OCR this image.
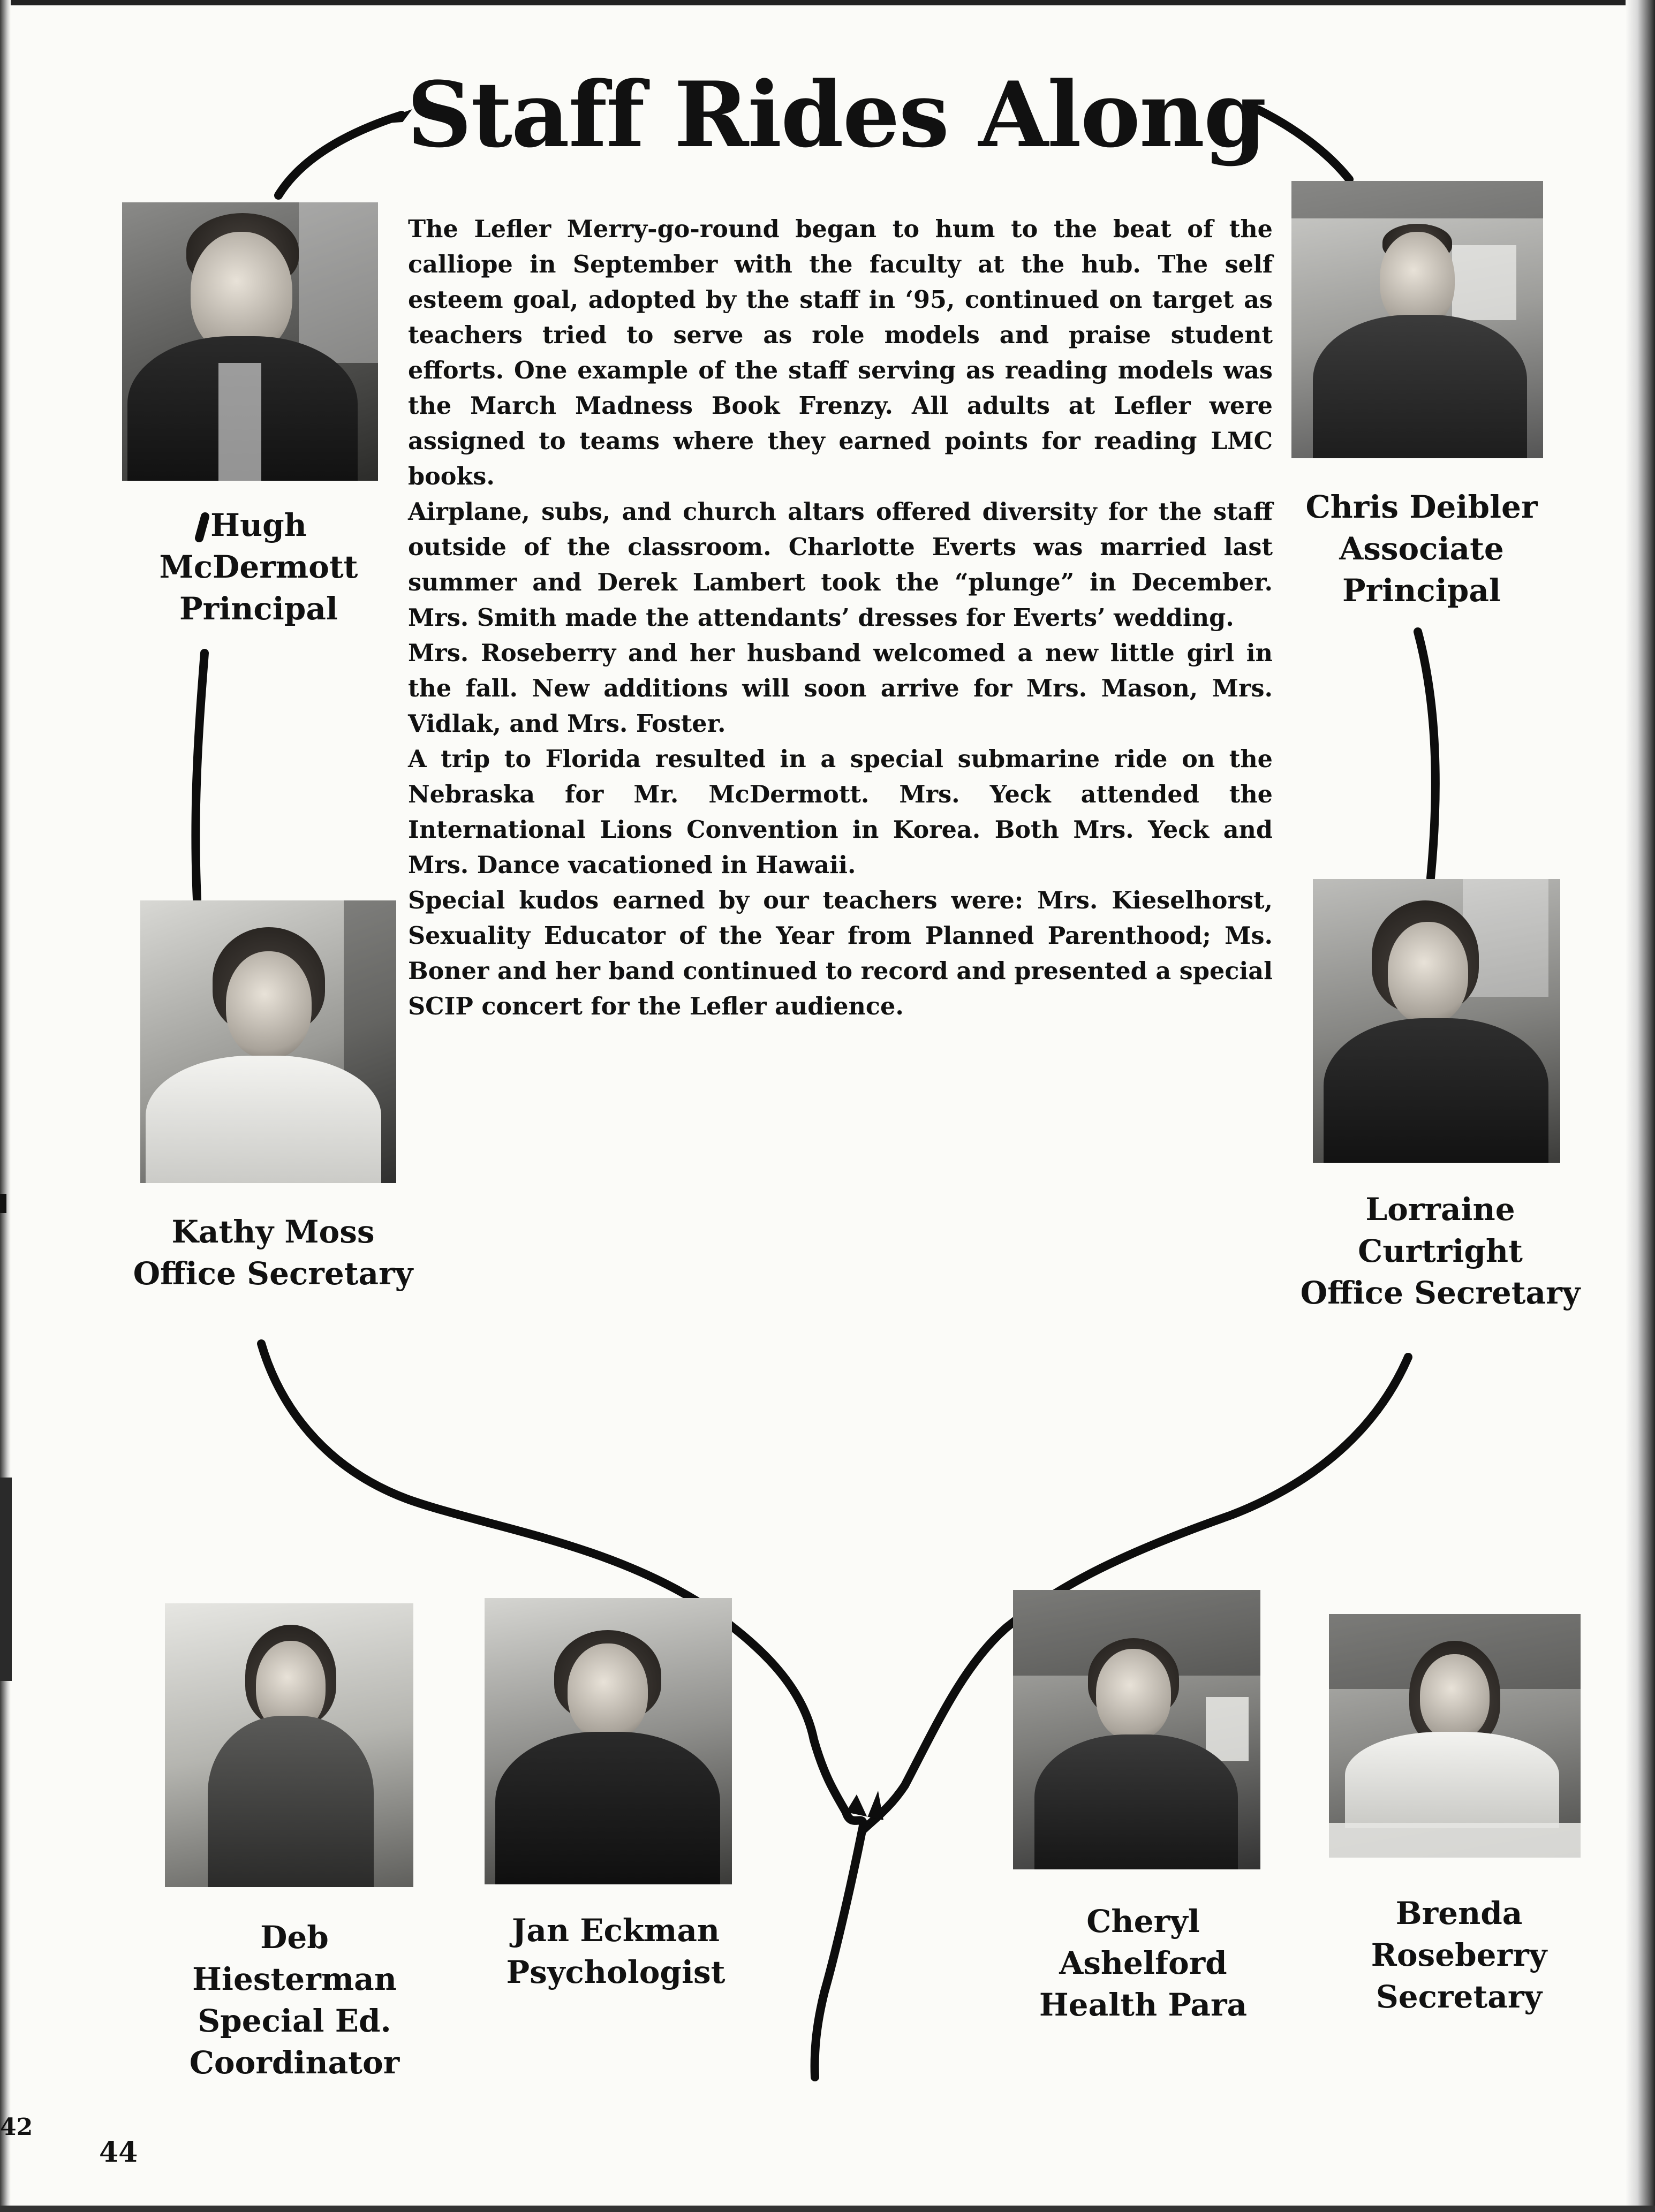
Staff Rides Along

The Lefler Merry-go-round began to hum to the beat of the calliope in September with the faculty at the hub. The self esteem goal, adopted by the staff in ‘95, continued on target as teachers tried to serve as role models and praise student efforts. One example of the staff serving as reading models was the March Madness Book Frenzy. All adults at Lefler were assigned to teams where they earned points for reading LMC books.

Airplane, subs, and church altars offered diversity for the staff outside of the classroom. Charlotte Everts was married last summer and Derek Lambert took the “plunge” in December. Mrs. Smith made the attendants’ dresses for Everts’ wedding.

Mrs. Roseberry and her husband welcomed a new little girl in the fall. New additions will soon arrive for Mrs. Mason, Mrs. Vidlak, and Mrs. Foster.

A trip to Florida resulted in a special submarine ride on the Nebraska for Mr. McDermott. Mrs. Yeck attended the International Lions Convention in Korea. Both Mrs. Yeck and Mrs. Dance vacationed in Hawaii.

Special kudos earned by our teachers were: Mrs. Kieselhorst, Sexuality Educator of the Year from Planned Parenthood; Ms. Boner and her band continued to record and presented a special SCIP concert for the Lefler audience.

Hugh
McDermott
Principal
Chris Deibler
Associate
Principal
Kathy Moss
Office Secretary
Lorraine
Curtright
Office Secretary
Deb
Hiesterman
Special Ed.
Coordinator
Jan Eckman
Psychologist
Cheryl
Ashelford
Health Para
Brenda
Roseberry
Secretary
42
44
